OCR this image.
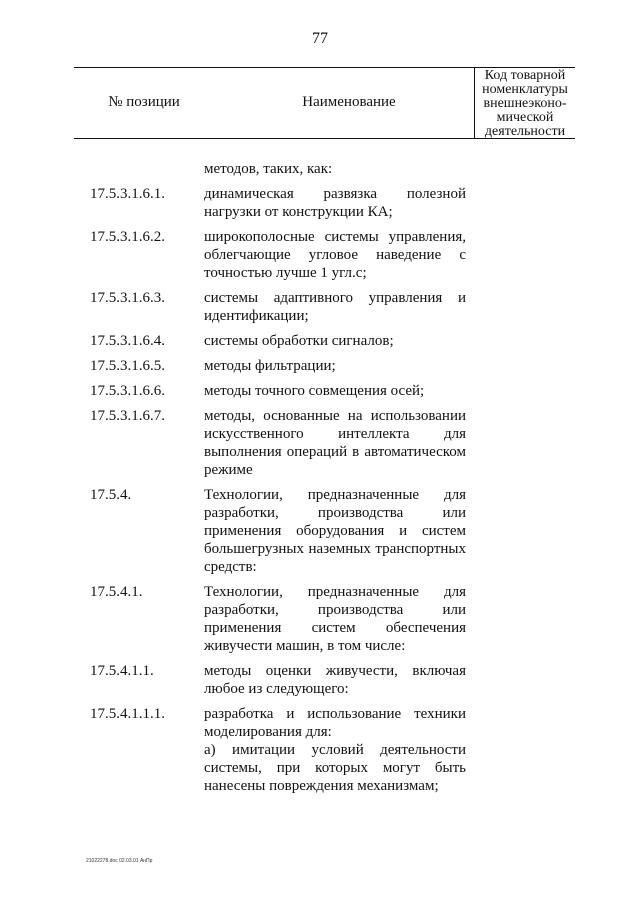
77
№ позиции	Наименование
Код товарной
номенклатуры
внешнеэконо-
мической
деятельности

методов, таких, как:

17.5.3.1.6.1.	динамическая развязка полезной нагрузки от конструкции КА;

17.5.3.1.6.2.	широкополосные системы управления, облегчающие угловое наведение с точностью лучше 1 угл.с;

17.5.3.1.6.3.	системы адаптивного управления и идентификации;

17.5.3.1.6.4.	системы обработки сигналов;

17.5.3.1.6.5.	методы фильтрации;

17.5.3.1.6.6.	методы точного совмещения осей;

17.5.3.1.6.7.	методы, основанные на использовании искусственного интеллекта для выполнения операций в автоматическом режиме

17.5.4.	Технологии, предназначенные для разработки, производства или применения оборудования и систем большегрузных наземных транспортных средств:

17.5.4.1.	Технологии, предназначенные для разработки, производства или применения систем обеспечения живучести машин, в том числе:

17.5.4.1.1.	методы оценки живучести, включая любое из следующего:

17.5.4.1.1.1.	разработка и использование техники моделирования для:

а) имитации условий деятельности системы, при которых могут быть нанесены повреждения механизмам;

21022278.doc 02.03.01 АнПр
